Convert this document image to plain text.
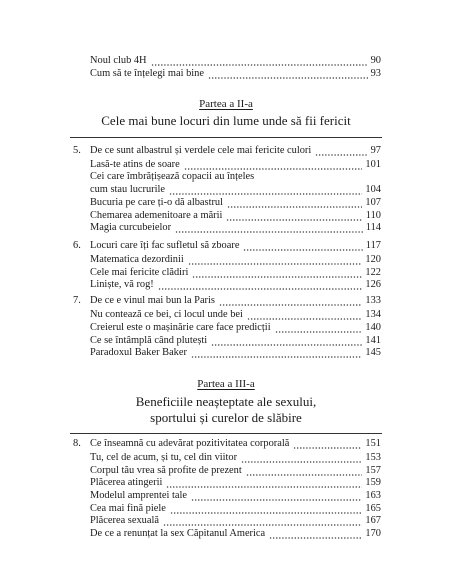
Noul club 4H	90
Cum să te înțelegi mai bine	93
Partea a II-a
Cele mai bune locuri din lume unde să fii fericit
5. De ce sunt albastrul și verdele cele mai fericite culori	97
Lasă-te atins de soare	101
Cei care îmbrățișează copacii au înțeles
cum stau lucrurile	104
Bucuria pe care ți-o dă albastrul	107
Chemarea ademenitoare a mării	110
Magia curcubeielor	114
6. Locuri care îți fac sufletul să zboare	117
Matematica dezordinii	120
Cele mai fericite clădiri	122
Liniște, vă rog!	126
7. De ce e vinul mai bun la Paris	133
Nu contează ce bei, ci locul unde bei	134
Creierul este o mașinărie care face predicții	140
Ce se întâmplă când plutești	141
Paradoxul Baker Baker	145
Partea a III-a
Beneficiile neașteptate ale sexului,
sportului și curelor de slăbire
8. Ce înseamnă cu adevărat pozitivitatea corporală	151
Tu, cel de acum, și tu, cel din viitor	153
Corpul tău vrea să profite de prezent	157
Plăcerea atingerii	159
Modelul amprentei tale	163
Cea mai fină piele	165
Plăcerea sexuală	167
De ce a renunțat la sex Căpitanul America	170
